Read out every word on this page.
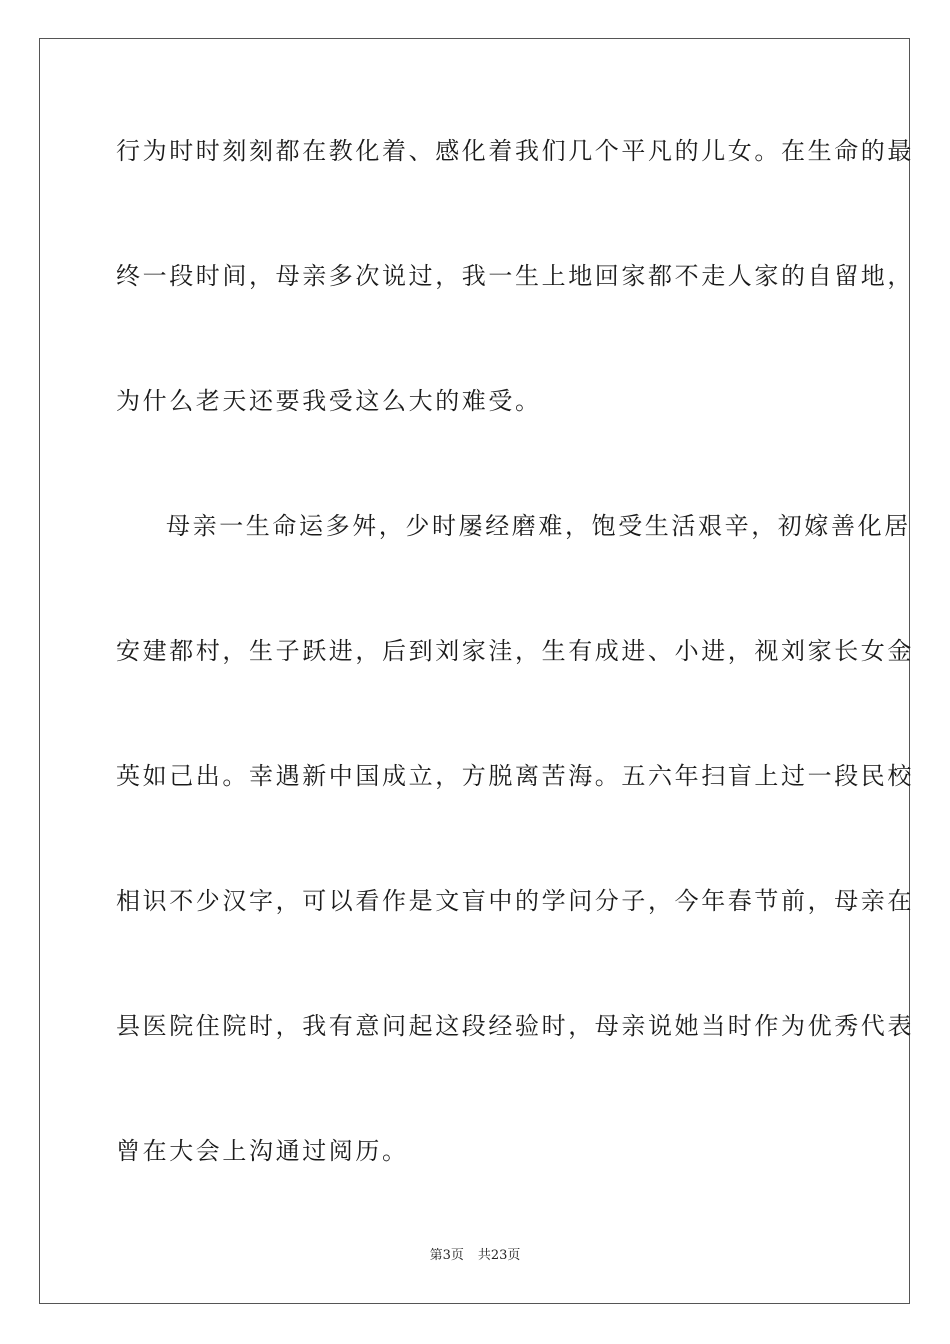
行为时时刻刻都在教化着、感化着我们几个平凡的儿女。在生命的最
终一段时间，母亲多次说过，我一生上地回家都不走人家的自留地，
为什么老天还要我受这么大的难受。
母亲一生命运多舛，少时屡经磨难，饱受生活艰辛，初嫁善化居
安建都村，生子跃进，后到刘家洼，生有成进、小进，视刘家长女金
英如己出。幸遇新中国成立，方脱离苦海。五六年扫盲上过一段民校
相识不少汉字，可以看作是文盲中的学问分子，今年春节前，母亲在
县医院住院时，我有意问起这段经验时，母亲说她当时作为优秀代表
曾在大会上沟通过阅历。
第3页 共23页
